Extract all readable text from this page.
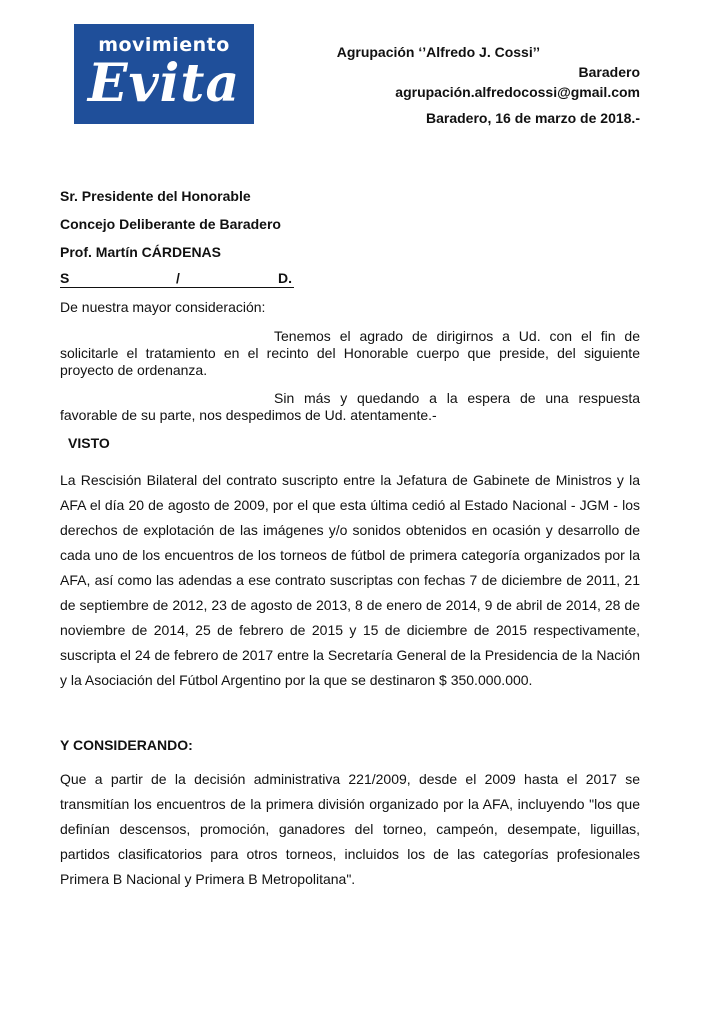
movimiento
Evita
Agrupación ‘’Alfredo J. Cossi’’
Baradero
agrupación.alfredocossi@gmail.com
Baradero, 16 de marzo de 2018.-
Sr. Presidente del Honorable
Concejo Deliberante de Baradero
Prof. Martín CÁRDENAS
S	/	D.
De nuestra mayor consideración:
Tenemos el agrado de dirigirnos a Ud. con el fin de solicitarle el tratamiento en el recinto del Honorable cuerpo que preside, del siguiente proyecto de ordenanza.
Sin más y quedando a la espera de una respuesta favorable de su parte, nos despedimos de Ud. atentamente.-
VISTO
La Rescisión Bilateral del contrato suscripto entre la Jefatura de Gabinete de Ministros y la AFA el día 20 de agosto de 2009, por el que esta última cedió al Estado Nacional - JGM - los derechos de explotación de las imágenes y/o sonidos obtenidos en ocasión y desarrollo de cada uno de los encuentros de los torneos de fútbol de primera categoría organizados por la AFA, así como las adendas a ese contrato suscriptas con fechas 7 de diciembre de 2011, 21 de septiembre de 2012, 23 de agosto de 2013, 8 de enero de 2014, 9 de abril de 2014, 28 de noviembre de 2014, 25 de febrero de 2015 y 15 de diciembre de 2015 respectivamente, suscripta el 24 de febrero de 2017 entre la Secretaría General de la Presidencia de la Nación y la Asociación del Fútbol Argentino por la que se destinaron $ 350.000.000.
Y CONSIDERANDO:
Que a partir de la decisión administrativa 221/2009, desde el 2009 hasta el 2017 se transmitían los encuentros de la primera división organizado por la AFA, incluyendo "los que definían descensos, promoción, ganadores del torneo, campeón, desempate, liguillas, partidos clasificatorios para otros torneos, incluidos los de las categorías profesionales Primera B Nacional y Primera B Metropolitana".
